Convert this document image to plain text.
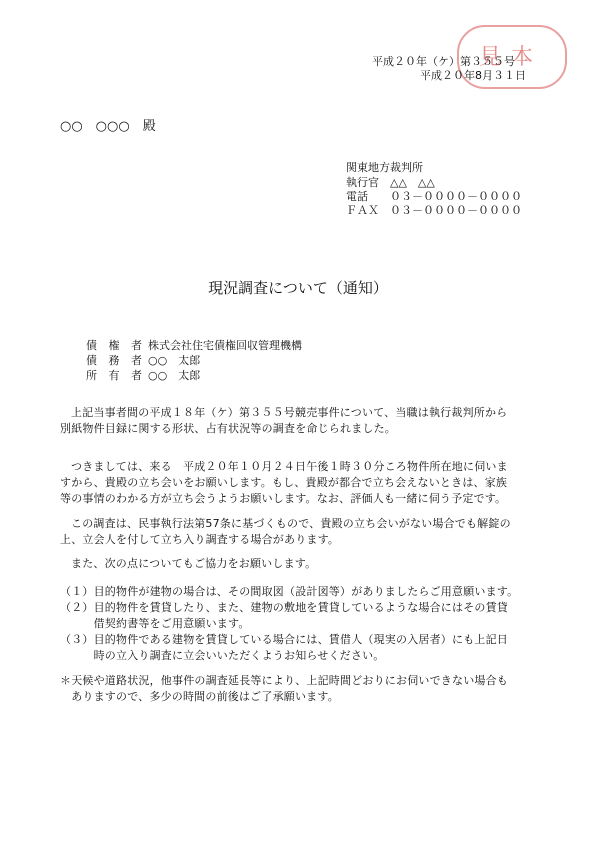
見本
平成２０年（ケ）第３５５号
平成２０年8月３１日
○○　○○○　殿
関東地方裁判所
執行官　△△　△△
電話　　０３－００００－００００
ＦＡＸ　０３－００００－００００
現況調査について（通知）
債 権 者 株式会社住宅債権回収管理機構
債 務 者 ○○　太郎
所 有 者 ○○　太郎
上記当事者間の平成１８年（ケ）第３５５号競売事件について、当職は執行裁判所から
別紙物件目録に関する形状、占有状況等の調査を命じられました。
つきましては、来る　平成２０年１０月２４日午後１時３０分ころ物件所在地に伺いま
すから、貴殿の立ち会いをお願いします。もし、貴殿が都合で立ち会えないときは、家族
等の事情のわかる方が立ち会うようお願いします。なお、評価人も一緒に伺う予定です。
この調査は、民事執行法第57条に基づくもので、貴殿の立ち会いがない場合でも解錠の
上、立会人を付して立ち入り調査する場合があります。
また、次の点についてもご協力をお願いします。
（１）目的物件が建物の場合は、その間取図（設計図等）がありましたらご用意願います。
（２）目的物件を賃貸したり、また、建物の敷地を賃貸しているような場合にはその賃貸
　　　借契約書等をご用意願います。
（３）目的物件である建物を賃貸している場合には、賃借人（現実の入居者）にも上記日
　　　時の立入り調査に立会いいただくようお知らせください。
＊天候や道路状況，他事件の調査延長等により、上記時間どおりにお伺いできない場合も
　ありますので、多少の時間の前後はご了承願います。
